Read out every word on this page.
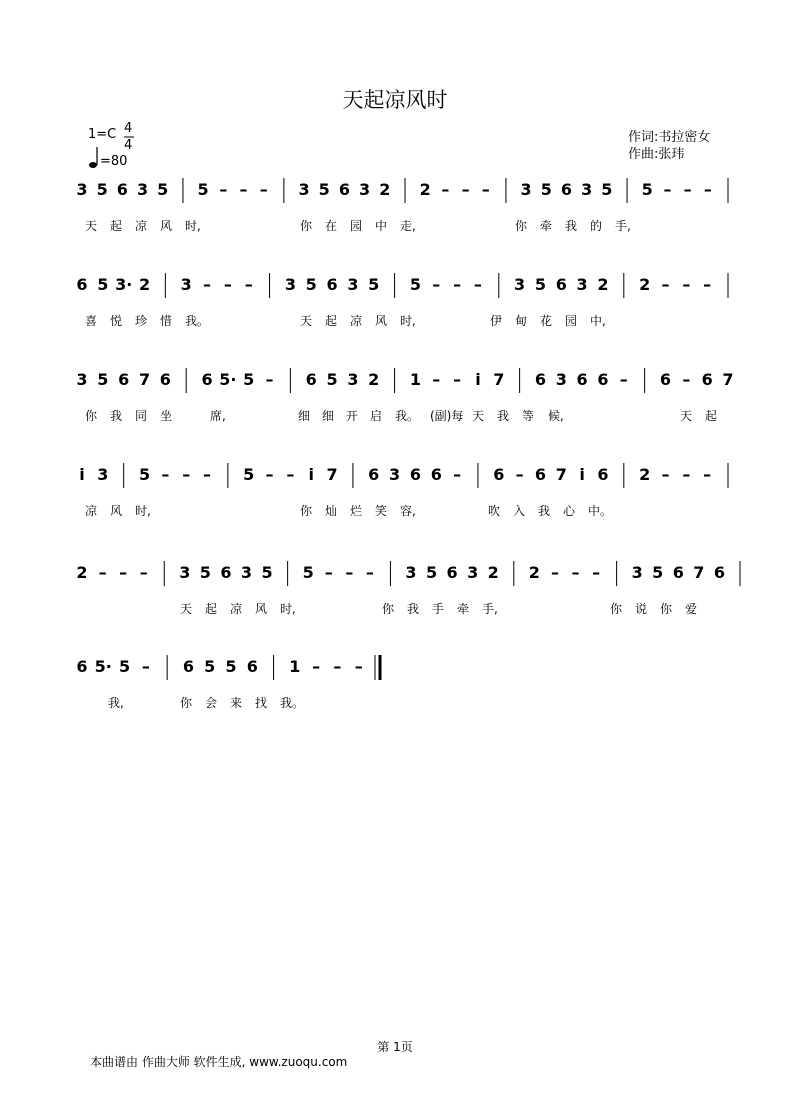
天起凉风时
1=C 4
4
=80
作词:书拉密女
作曲:张玮
第 1页
本曲谱由 作曲大师 软件生成, www.zuoqu.com
3 5 6 3 5 5 – – – 3 5 6 3 2 2 – – – 3 5 6 3 5 5 – – –
天 起 凉 风 时,	你 在 园 中 走,	你 牵 我 的 手,
6 5 3· 2 3 – – – 3 5 6 3 5 5 – – – 3 5 6 3 2 2 – – –
喜 悦 珍 惜 我。	天 起 凉 风 时,	伊 甸 花 园 中,
3 5 6 7 6 6 5· 5 – 6 5 3 2 1 – – i 7 6 3 6 6 – 6 – 6 7
你 我 同 坐	席,	细 细 开 启 我。 (副)每 天 我 等 候,	天 起
i 3 5 – – – 5 – – i 7 6 3 6 6 – 6 – 6 7 i 6 2 – – –
凉 风 时,	你 灿 烂 笑 容,	吹 入 我 心 中。
2 – – – 3 5 6 3 5 5 – – – 3 5 6 3 2 2 – – – 3 5 6 7 6
天 起 凉 风 时,	你 我 手 牵 手,	你 说 你 爱
6 5· 5 – 6 5 5 6 1 – – –
我,	你 会 来 找 我。
